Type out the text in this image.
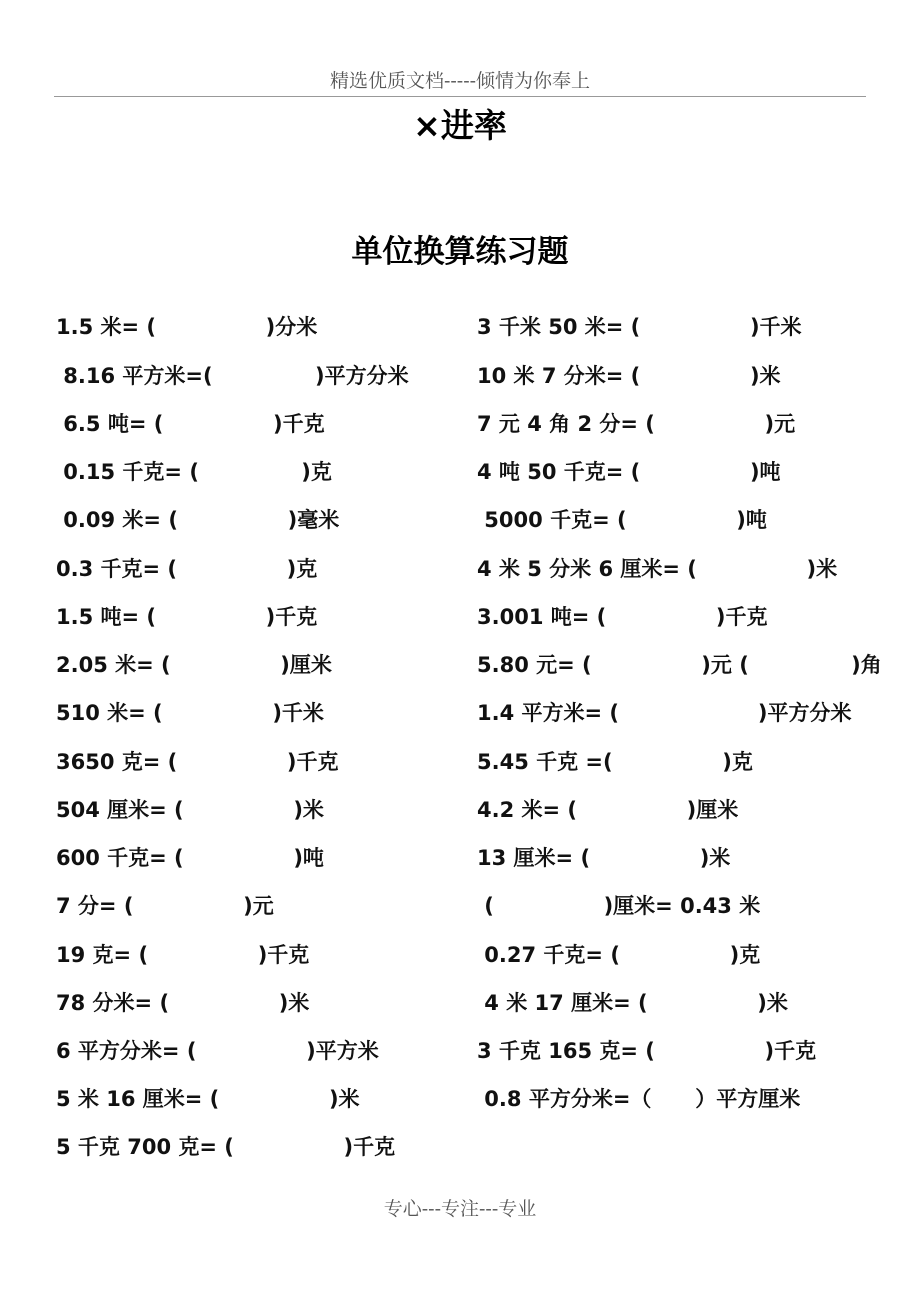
精选优质文档-----倾情为你奉上
×进率
单位换算练习题
1.5 米= (               )分米
8.16 平方米=(              )平方分米
6.5 吨= (               )千克
0.15 千克= (              )克
0.09 米= (               )毫米
0.3 千克= (               )克
1.5 吨= (               )千克
2.05 米= (               )厘米
510 米= (               )千米
3650 克= (               )千克
504 厘米= (               )米
600 千克= (               )吨
7 分= (               )元
19 克= (               )千克
78 分米= (               )米
6 平方分米= (               )平方米
5 米 16 厘米= (               )米
5 千克 700 克= (               )千克
3 千米 50 米= (               )千米
10 米 7 分米= (               )米
7 元 4 角 2 分= (               )元
4 吨 50 千克= (               )吨
5000 千克= (               )吨
4 米 5 分米 6 厘米= (               )米
3.001 吨= (               )千克
5.80 元= (               )元 (              )角
1.4 平方米= (                   )平方分米
5.45 千克 =(               )克
4.2 米= (               )厘米
13 厘米= (               )米
(               )厘米= 0.43 米
0.27 千克= (               )克
4 米 17 厘米= (               )米
3 千克 165 克= (               )千克
0.8 平方分米=（      ）平方厘米
专心---专注---专业
